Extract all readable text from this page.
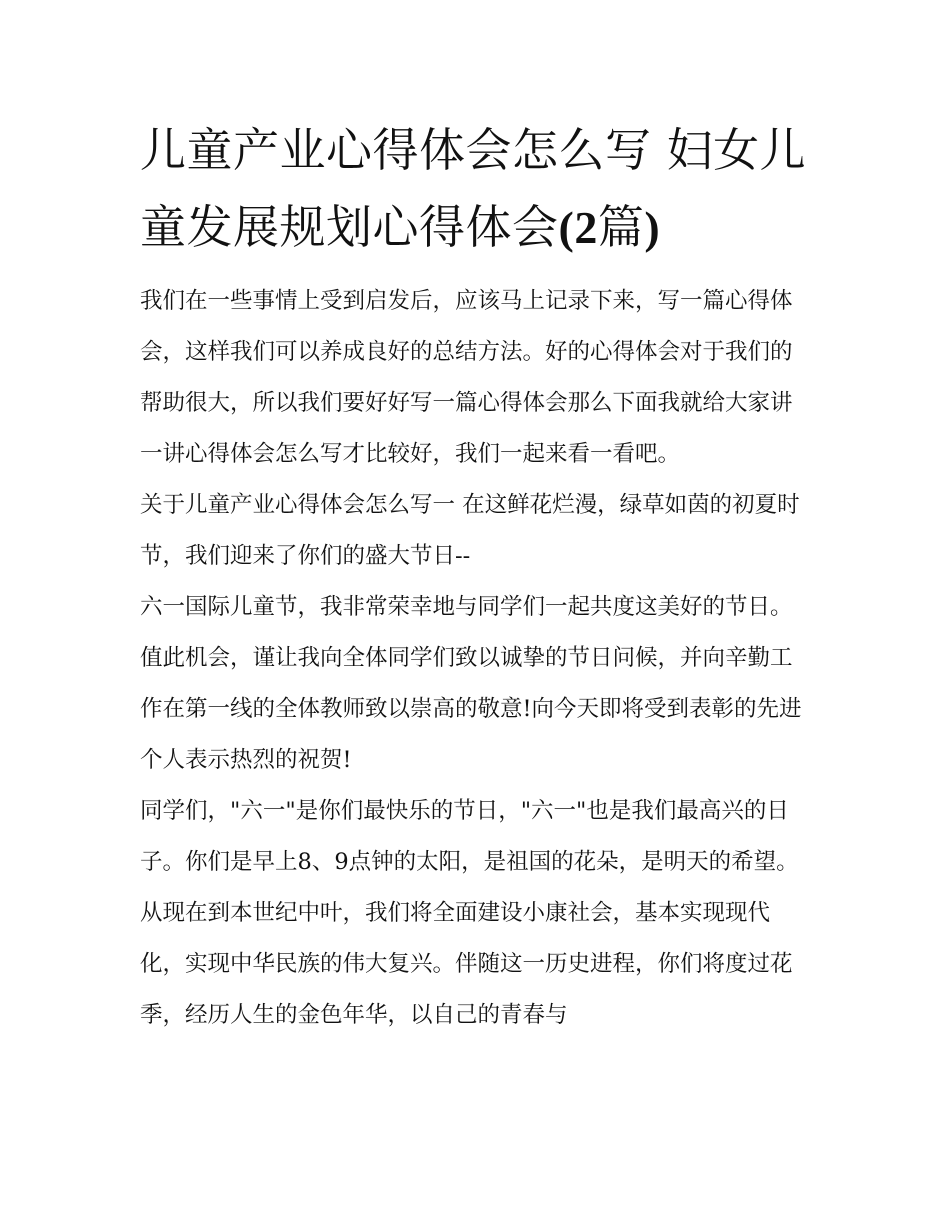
儿童产业心得体会怎么写 妇女儿童发展规划心得体会(2篇)

我们在一些事情上受到启发后，应该马上记录下来，写一篇心得体会，这样我们可以养成良好的总结方法。好的心得体会对于我们的帮助很大，所以我们要好好写一篇心得体会那么下面我就给大家讲一讲心得体会怎么写才比较好，我们一起来看一看吧。

关于儿童产业心得体会怎么写一 在这鲜花烂漫，绿草如茵的初夏时节，我们迎来了你们的盛大节日--

六一国际儿童节，我非常荣幸地与同学们一起共度这美好的节日。值此机会，谨让我向全体同学们致以诚挚的节日问候，并向辛勤工作在第一线的全体教师致以崇高的敬意!向今天即将受到表彰的先进个人表示热烈的祝贺!

同学们，"六一"是你们最快乐的节日，"六一"也是我们最高兴的日子。你们是早上8、9点钟的太阳，是祖国的花朵，是明天的希望。从现在到本世纪中叶，我们将全面建设小康社会，基本实现现代化，实现中华民族的伟大复兴。伴随这一历史进程，你们将度过花季，经历人生的金色年华，以自己的青春与
